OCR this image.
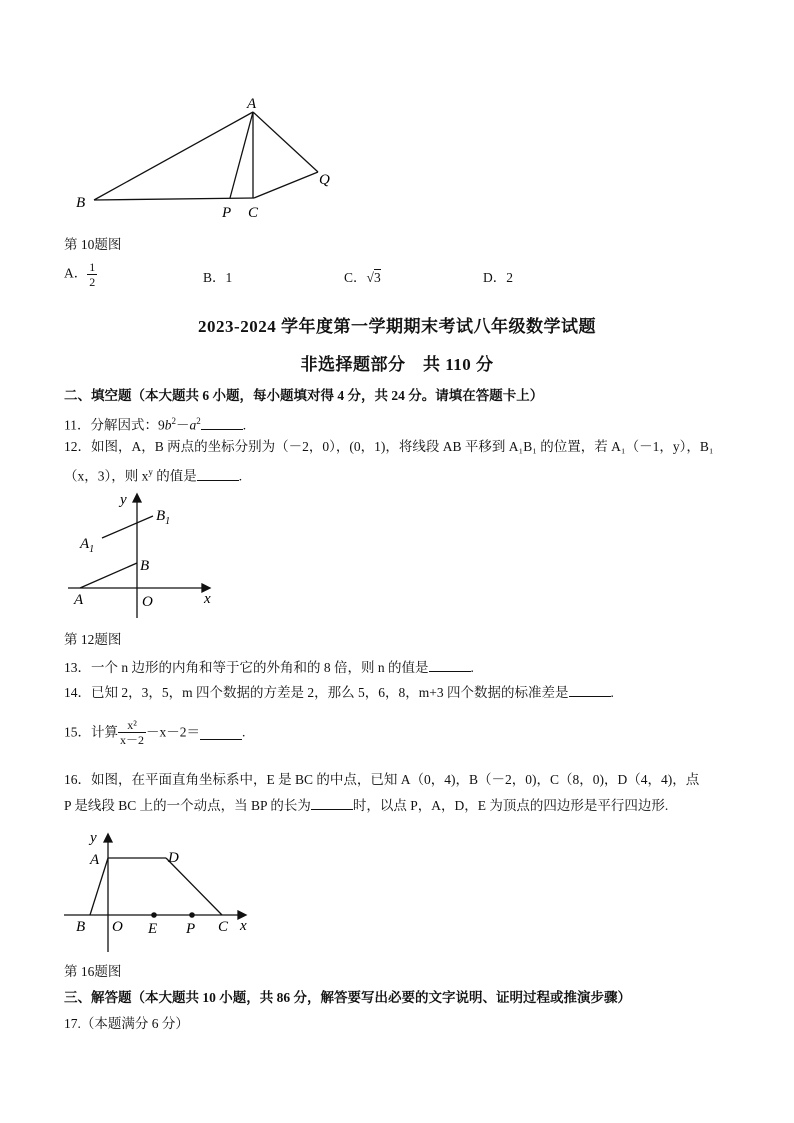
A
B
P C
Q
第 10题图
A． $\frac{1}{2}$	B．1	C．√3	D．2
2023-2024 学年度第一学期期末考试八年级数学试题
非选择题部分　共 110 分
二、填空题（本大题共 6 小题，每小题填对得 4 分，共 24 分。请填在答题卡上）
11．分解因式：$9b^2-a^2$	.
12．如图，A，B 两点的坐标分别为（－2，0），(0，1)，将线段 AB 平移到 A₁B₁ 的位置，若 A₁（－1，y），B₁
（x，3），则 $x^y$ 的值是	.
y
$B_1$
$A_1$
B
A	O	x
第 12题图
13．一个 n 边形的内角和等于它的外角和的 8 倍，则 n 的值是	.
14．已知 2，3，5，m 四个数据的方差是 2，那么 5，6，8，m+3 四个数据的标准差是	.
15．计算 $\frac{\text{x²}}{x-2} -x-2=$	.
16．如图，在平面直角坐标系中，E 是 BC 的中点，已知 A（0，4)，B（－2，0)，C（8，0)，D（4，4)，点
P 是线段 BC 上的一个动点，当 BP 的长为	时，以点 P，A，D，E 为顶点的四边形是平行四边形.
y
A	D
B O E P C x
第 16题图
三、解答题（本大题共 10 小题，共 86 分，解答要写出必要的文字说明、证明过程或推演步骤）
17.（本题满分 6 分）
